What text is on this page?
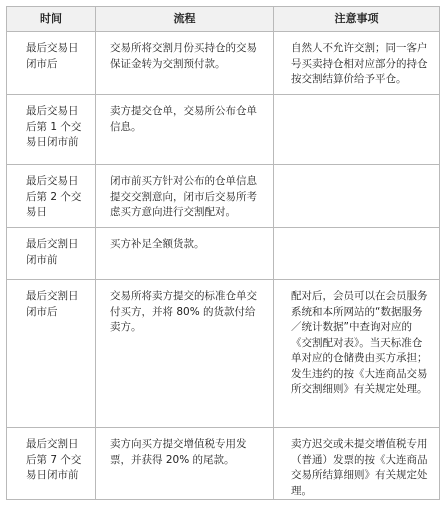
时间	流程	注意事项

最后交易日闭市后	交易所将交割月份买持仓的交易保证金转为交割预付款。	自然人不允许交割；同一客户号买卖持仓相对应部分的持仓按交割结算价给予平仓。

最后交易日后第 1 个交易日闭市前	卖方提交仓单，交易所公布仓单信息。	

最后交易日后第 2 个交易日	闭市前买方针对公布的仓单信息提交交割意向，闭市后交易所考虑买方意向进行交割配对。	

最后交割日闭市前	买方补足全额货款。	

最后交割日闭市后	交易所将卖方提交的标准仓单交付买方，并将 80% 的货款付给卖方。	配对后，会员可以在会员服务系统和本所网站的“数据服务／统计数据”中查询对应的《交割配对表》。当天标准仓单对应的仓储费由买方承担；发生违约的按《大连商品交易所交割细则》有关规定处理。

最后交割日后第 7 个交易日闭市前	卖方向买方提交增值税专用发票，并获得 20% 的尾款。	卖方迟交或未提交增值税专用（普通）发票的按《大连商品交易所结算细则》有关规定处理。
